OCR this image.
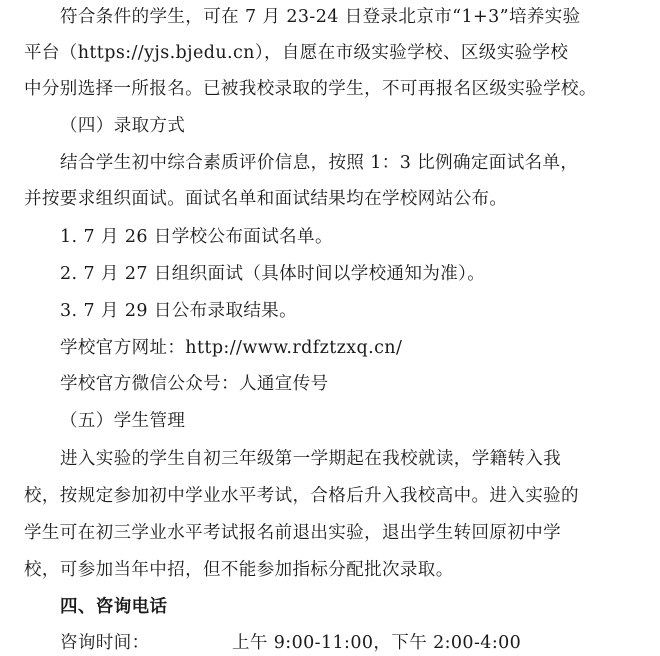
符合条件的学生，可在 7 月 23-24 日登录北京市“1+3”培养实验
平台（https://yjs.bjedu.cn），自愿在市级实验学校、区级实验学校
中分别选择一所报名。已被我校录取的学生，不可再报名区级实验学校。
（四）录取方式
结合学生初中综合素质评价信息，按照 1：3 比例确定面试名单，
并按要求组织面试。面试名单和面试结果均在学校网站公布。
1. 7 月 26 日学校公布面试名单。
2. 7 月 27 日组织面试（具体时间以学校通知为准）。
3. 7 月 29 日公布录取结果。
学校官方网址：http://www.rdfztzxq.cn/
学校官方微信公众号：人通宣传号
（五）学生管理
进入实验的学生自初三年级第一学期起在我校就读，学籍转入我
校，按规定参加初中学业水平考试，合格后升入我校高中。进入实验的
学生可在初三学业水平考试报名前退出实验，退出学生转回原初中学
校，可参加当年中招，但不能参加指标分配批次录取。
四、咨询电话
咨询时间：	上午 9:00-11:00，下午 2:00-4:00
